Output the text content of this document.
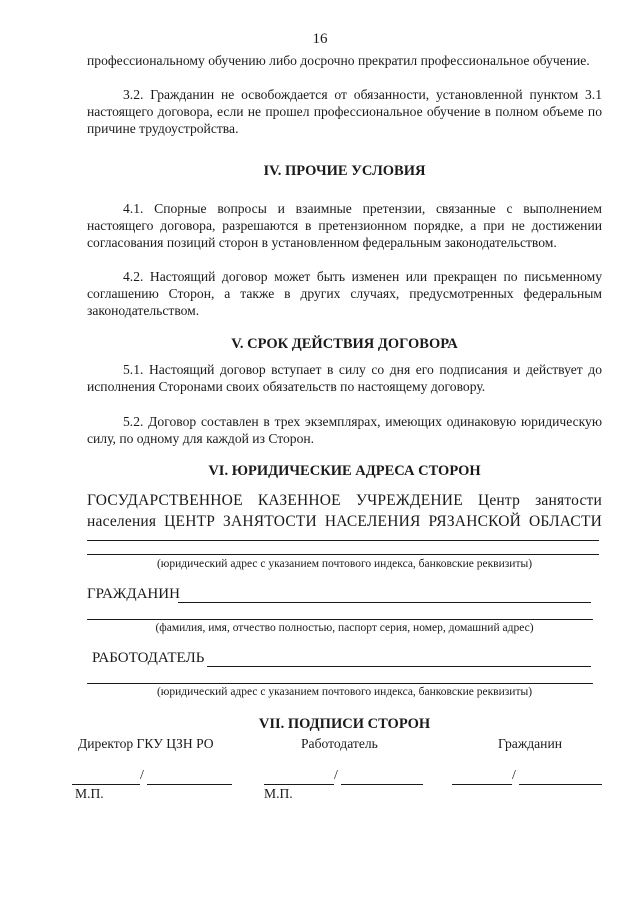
16
профессиональному обучению либо досрочно прекратил профессиональное обучение.
3.2. Гражданин не освобождается от обязанности, установленной пунктом 3.1 настоящего договора, если не прошел профессиональное обучение в полном объеме по причине трудоустройства.
IV. ПРОЧИЕ УСЛОВИЯ
4.1. Спорные вопросы и взаимные претензии, связанные с выполнением настоящего договора, разрешаются в претензионном порядке, а при не достижении согласования позиций сторон в установленном федеральным законодательством.
4.2. Настоящий договор может быть изменен или прекращен по письменному соглашению Сторон, а также в других случаях, предусмотренных федеральным законодательством.
V. СРОК ДЕЙСТВИЯ ДОГОВОРА
5.1. Настоящий договор вступает в силу со дня его подписания и действует до исполнения Сторонами своих обязательств по настоящему договору.
5.2. Договор составлен в трех экземплярах, имеющих одинаковую юридическую силу, по одному для каждой из Сторон.
VI. ЮРИДИЧЕСКИЕ АДРЕСА СТОРОН
ГОСУДАРСТВЕННОЕ КАЗЕННОЕ УЧРЕЖДЕНИЕ Центр занятости населения ЦЕНТР ЗАНЯТОСТИ НАСЕЛЕНИЯ РЯЗАНСКОЙ ОБЛАСТИ
(юридический адрес с указанием почтового индекса, банковские реквизиты)
ГРАЖДАНИН
(фамилия, имя, отчество полностью, паспорт серия, номер, домашний адрес)
РАБОТОДАТЕЛЬ
(юридический адрес с указанием почтового индекса, банковские реквизиты)
VII. ПОДПИСИ СТОРОН
Директор ГКУ ЦЗН РО	Работодатель	Гражданин
/	/	/
М.П.	М.П.
